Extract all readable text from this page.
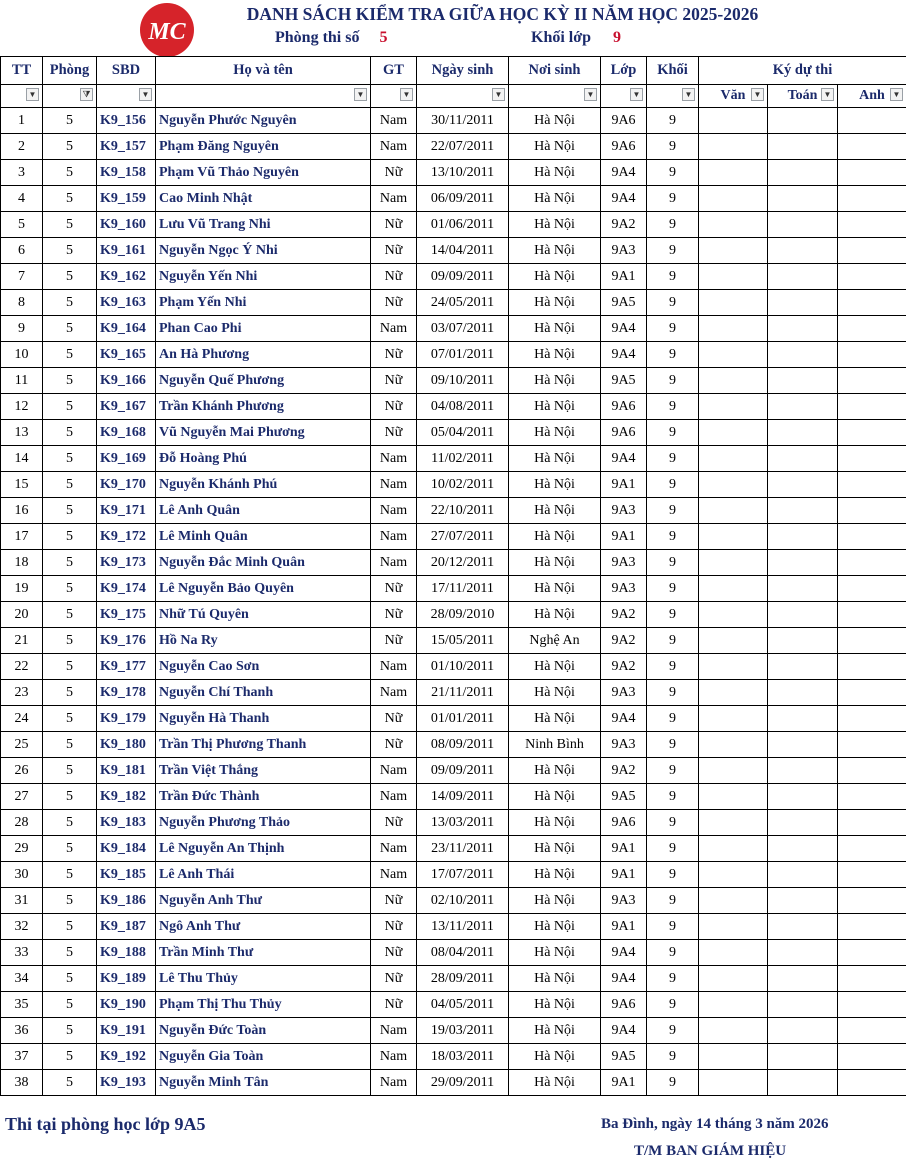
MC
DANH SÁCH KIỂM TRA GIỮA HỌC KỲ II NĂM HỌC 2025-2026
Phòng thi số 5	Khối lớp 9
TT	Phòng	SBD	Họ và tên	GT	Ngày sinh	Nơi sinh	Lớp	Khối	Ký dự thi		

▼	⧩	▼	▼	▼	▼	▼	▼	▼	Văn ▼	Toán ▼	Anh ▼

1	5	K9_156	Nguyễn Phước Nguyên	Nam	30/11/2011	Hà Nội	9A6	9			
2	5	K9_157	Phạm Đăng Nguyên	Nam	22/07/2011	Hà Nội	9A6	9			
3	5	K9_158	Phạm Vũ Thảo Nguyên	Nữ	13/10/2011	Hà Nội	9A4	9			
4	5	K9_159	Cao Minh Nhật	Nam	06/09/2011	Hà Nội	9A4	9			
5	5	K9_160	Lưu Vũ Trang Nhi	Nữ	01/06/2011	Hà Nội	9A2	9			
6	5	K9_161	Nguyễn Ngọc Ý Nhi	Nữ	14/04/2011	Hà Nội	9A3	9			
7	5	K9_162	Nguyễn Yến Nhi	Nữ	09/09/2011	Hà Nội	9A1	9			
8	5	K9_163	Phạm Yến Nhi	Nữ	24/05/2011	Hà Nội	9A5	9			
9	5	K9_164	Phan Cao Phi	Nam	03/07/2011	Hà Nội	9A4	9			
10	5	K9_165	An Hà Phương	Nữ	07/01/2011	Hà Nội	9A4	9			
11	5	K9_166	Nguyễn Quế Phương	Nữ	09/10/2011	Hà Nội	9A5	9			
12	5	K9_167	Trần Khánh Phương	Nữ	04/08/2011	Hà Nội	9A6	9			
13	5	K9_168	Vũ Nguyễn Mai Phương	Nữ	05/04/2011	Hà Nội	9A6	9			
14	5	K9_169	Đỗ Hoàng Phú	Nam	11/02/2011	Hà Nội	9A4	9			
15	5	K9_170	Nguyễn Khánh Phú	Nam	10/02/2011	Hà Nội	9A1	9			
16	5	K9_171	Lê Anh Quân	Nam	22/10/2011	Hà Nội	9A3	9			
17	5	K9_172	Lê Minh Quân	Nam	27/07/2011	Hà Nội	9A1	9			
18	5	K9_173	Nguyễn Đắc Minh Quân	Nam	20/12/2011	Hà Nội	9A3	9			
19	5	K9_174	Lê Nguyễn Bảo Quyên	Nữ	17/11/2011	Hà Nội	9A3	9			
20	5	K9_175	Nhữ Tú Quyên	Nữ	28/09/2010	Hà Nội	9A2	9			
21	5	K9_176	Hồ Na Ry	Nữ	15/05/2011	Nghệ An	9A2	9			
22	5	K9_177	Nguyễn Cao Sơn	Nam	01/10/2011	Hà Nội	9A2	9			
23	5	K9_178	Nguyễn Chí Thanh	Nam	21/11/2011	Hà Nội	9A3	9			
24	5	K9_179	Nguyễn Hà Thanh	Nữ	01/01/2011	Hà Nội	9A4	9			
25	5	K9_180	Trần Thị Phương Thanh	Nữ	08/09/2011	Ninh Bình	9A3	9			
26	5	K9_181	Trần Việt Thắng	Nam	09/09/2011	Hà Nội	9A2	9			
27	5	K9_182	Trần Đức Thành	Nam	14/09/2011	Hà Nội	9A5	9			
28	5	K9_183	Nguyễn Phương Thảo	Nữ	13/03/2011	Hà Nội	9A6	9			
29	5	K9_184	Lê Nguyễn An Thịnh	Nam	23/11/2011	Hà Nội	9A1	9			
30	5	K9_185	Lê Anh Thái	Nam	17/07/2011	Hà Nội	9A1	9			
31	5	K9_186	Nguyễn Anh Thư	Nữ	02/10/2011	Hà Nội	9A3	9			
32	5	K9_187	Ngô Anh Thư	Nữ	13/11/2011	Hà Nội	9A1	9			
33	5	K9_188	Trần Minh Thư	Nữ	08/04/2011	Hà Nội	9A4	9			
34	5	K9_189	Lê Thu Thủy	Nữ	28/09/2011	Hà Nội	9A4	9			
35	5	K9_190	Phạm Thị Thu Thủy	Nữ	04/05/2011	Hà Nội	9A6	9			
36	5	K9_191	Nguyễn Đức Toàn	Nam	19/03/2011	Hà Nội	9A4	9			
37	5	K9_192	Nguyễn Gia Toàn	Nam	18/03/2011	Hà Nội	9A5	9			
38	5	K9_193	Nguyễn Minh Tân	Nam	29/09/2011	Hà Nội	9A1	9			
Thi tại phòng học lớp 9A5	Ba Đình, ngày 14 tháng 3 năm 2026
T/M BAN GIÁM HIỆU
